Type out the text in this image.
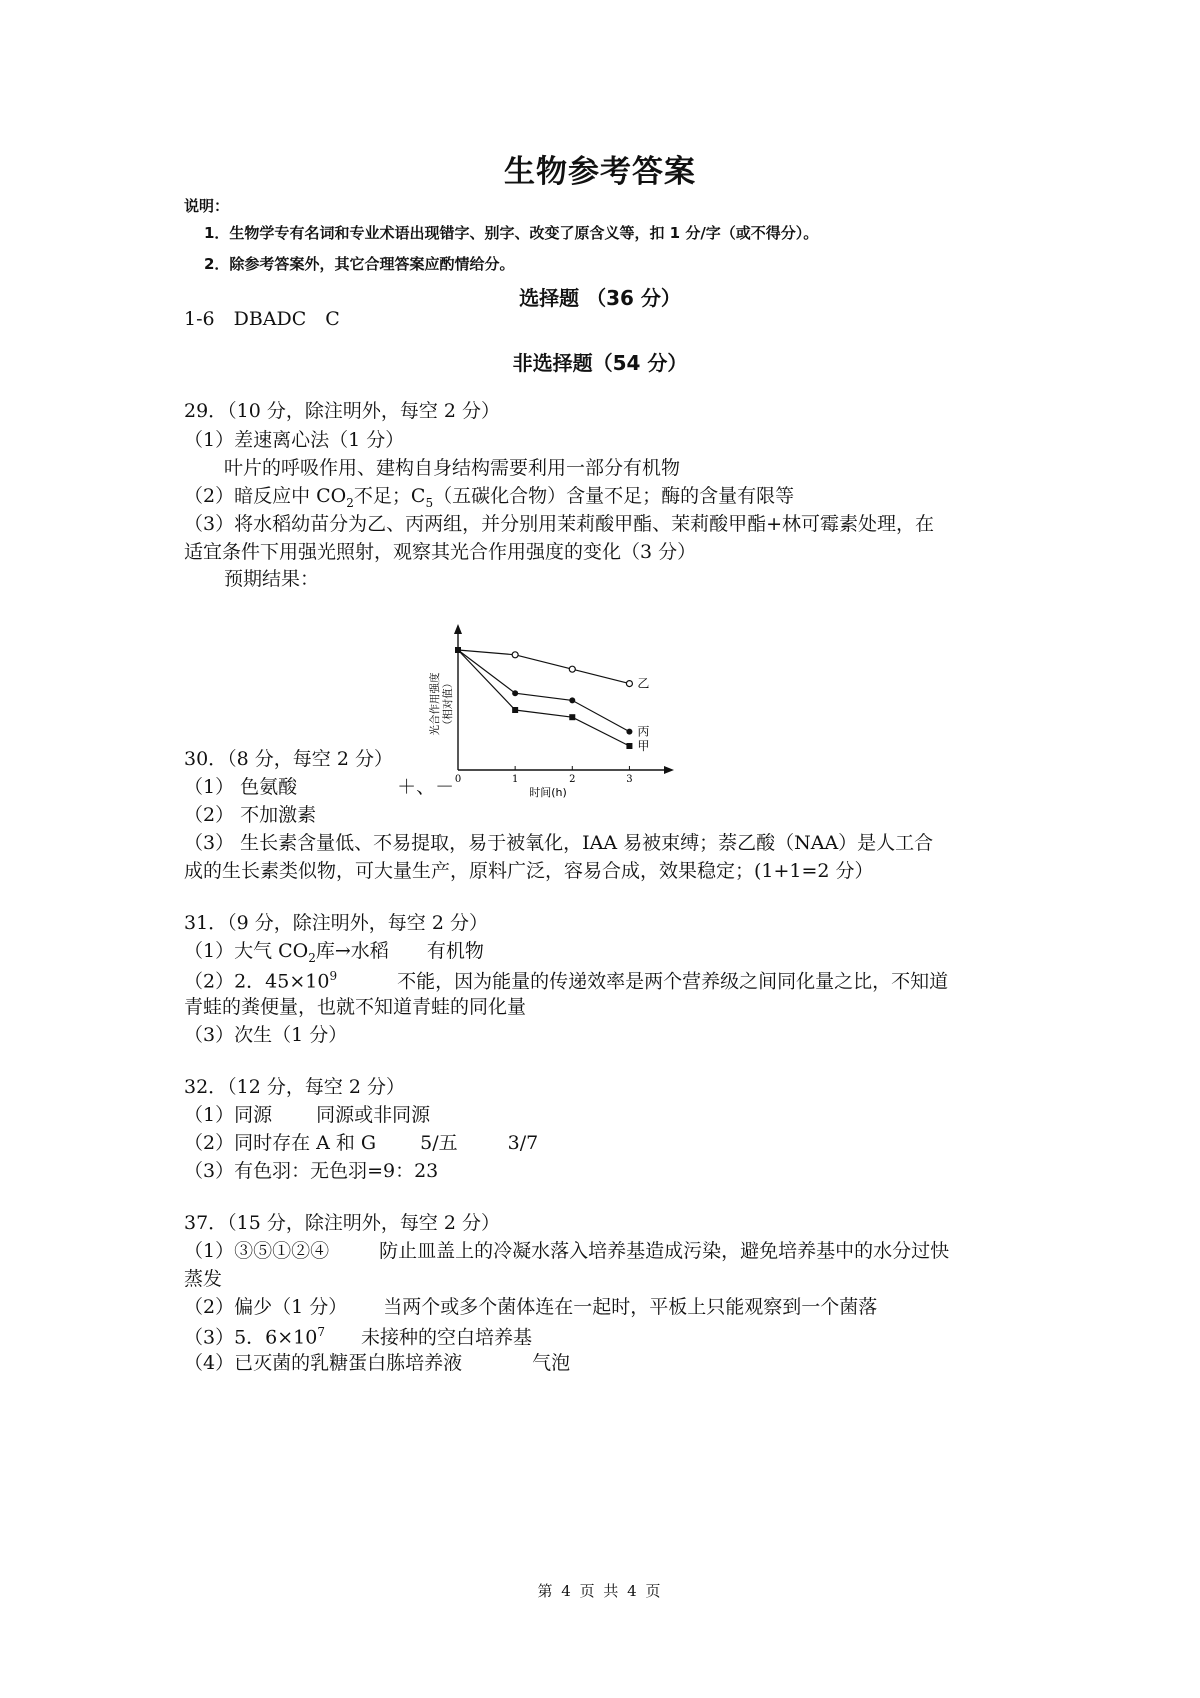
生物参考答案
说明：
1．生物学专有名词和专业术语出现错字、别字、改变了原含义等，扣 1 分/字（或不得分）。
2．除参考答案外，其它合理答案应酌情给分。
选择题 （36 分）
1-6　DBADC　C
非选择题（54 分）
29．（10 分，除注明外，每空 2 分）
（1）差速离心法（1 分）
叶片的呼吸作用、建构自身结构需要利用一部分有机物
（2）暗反应中 $CO_2$不足；$C_5$（五碳化合物）含量不足；酶的含量有限等
（3）将水稻幼苗分为乙、丙两组，并分别用茉莉酸甲酯、茉莉酸甲酯+林可霉素处理，在
适宜条件下用强光照射，观察其光合作用强度的变化（3 分）
预期结果：
0	1	2	3
时间(h)
光合作用强度 （相对值）	乙
丙
甲
30．（8 分，每空 2 分）
（1） 色氨酸	＋、－
（2） 不加激素
（3） 生长素含量低、不易提取，易于被氧化，IAA 易被束缚；萘乙酸（NAA）是人工合
成的生长素类似物，可大量生产，原料广泛，容易合成，效果稳定；(1+1=2 分）
31．（9 分，除注明外，每空 2 分）
（1）大气 $CO_2$库→水稻 有机物
（2）2．$45\times 10^9$	不能，因为能量的传递效率是两个营养级之间同化量之比，不知道
青蛙的粪便量，也就不知道青蛙的同化量
（3）次生（1 分）
32．（12 分，每空 2 分）
（1）同源 同源或非同源
（2）同时存在 A 和 G 5/五	3/7
（3）有色羽：无色羽=9：23
37．（15 分，除注明外，每空 2 分）
（1）③⑤①②④	防止皿盖上的冷凝水落入培养基造成污染，避免培养基中的水分过快
蒸发
（2）偏少（1 分） 当两个或多个菌体连在一起时，平板上只能观察到一个菌落
（3）5．$6\times 10^7$ 未接种的空白培养基
（4）已灭菌的乳糖蛋白胨培养液	气泡
第 4 页 共 4 页
